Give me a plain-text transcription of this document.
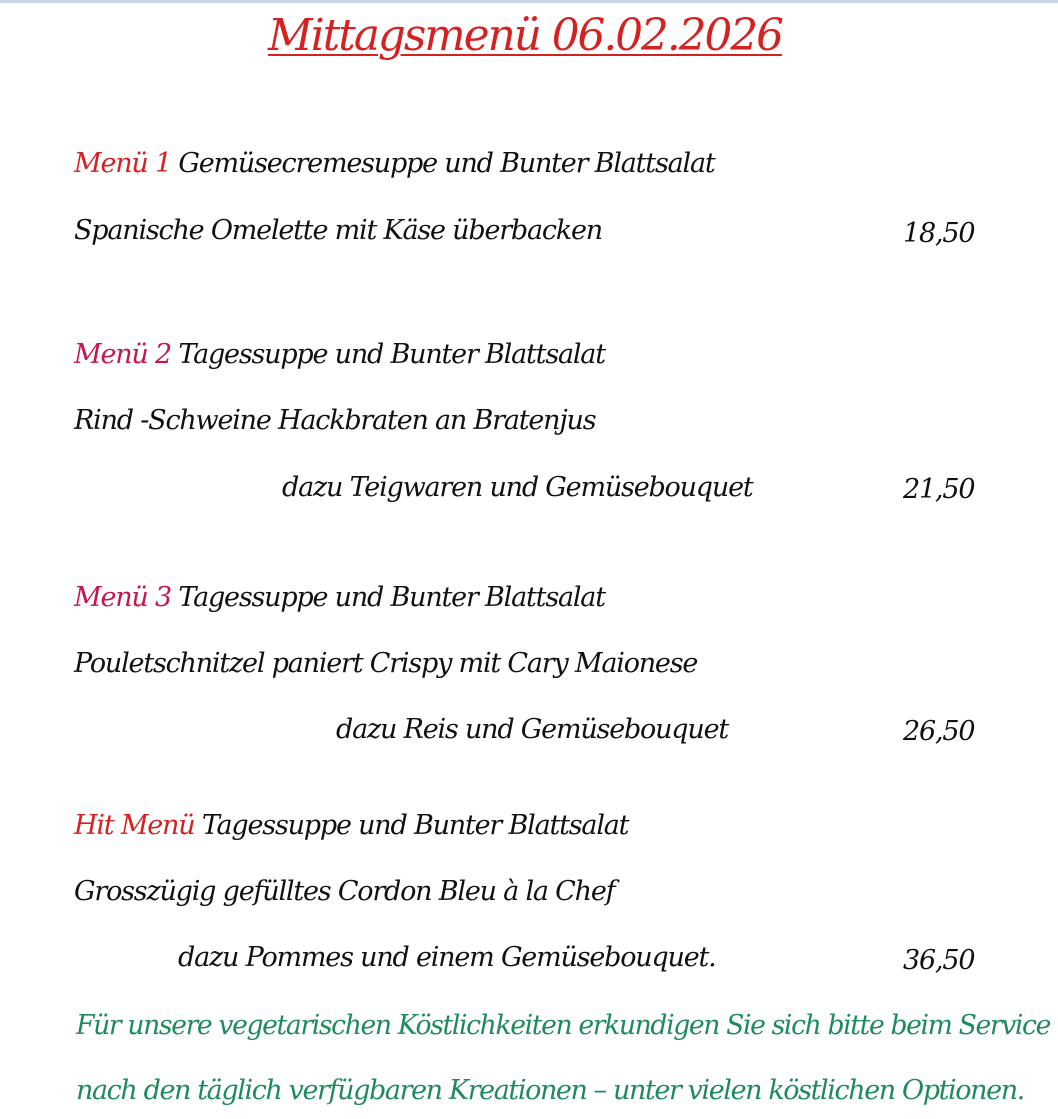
Mittagsmenü 06.02.2026
Menü 1 Gemüsecremesuppe und Bunter Blattsalat
Spanische Omelette mit Käse überbacken	18,50
Menü 2 Tagessuppe und Bunter Blattsalat
Rind -Schweine Hackbraten an Bratenjus
dazu Teigwaren und Gemüsebouquet	21,50
Menü 3 Tagessuppe und Bunter Blattsalat
Pouletschnitzel paniert Crispy mit Cary Maionese
dazu Reis und Gemüsebouquet	26,50
Hit Menü Tagessuppe und Bunter Blattsalat
Grosszügig gefülltes Cordon Bleu à la Chef
dazu Pommes und einem Gemüsebouquet.	36,50
Für unsere vegetarischen Köstlichkeiten erkundigen Sie sich bitte beim Service
nach den täglich verfügbaren Kreationen – unter vielen köstlichen Optionen.
